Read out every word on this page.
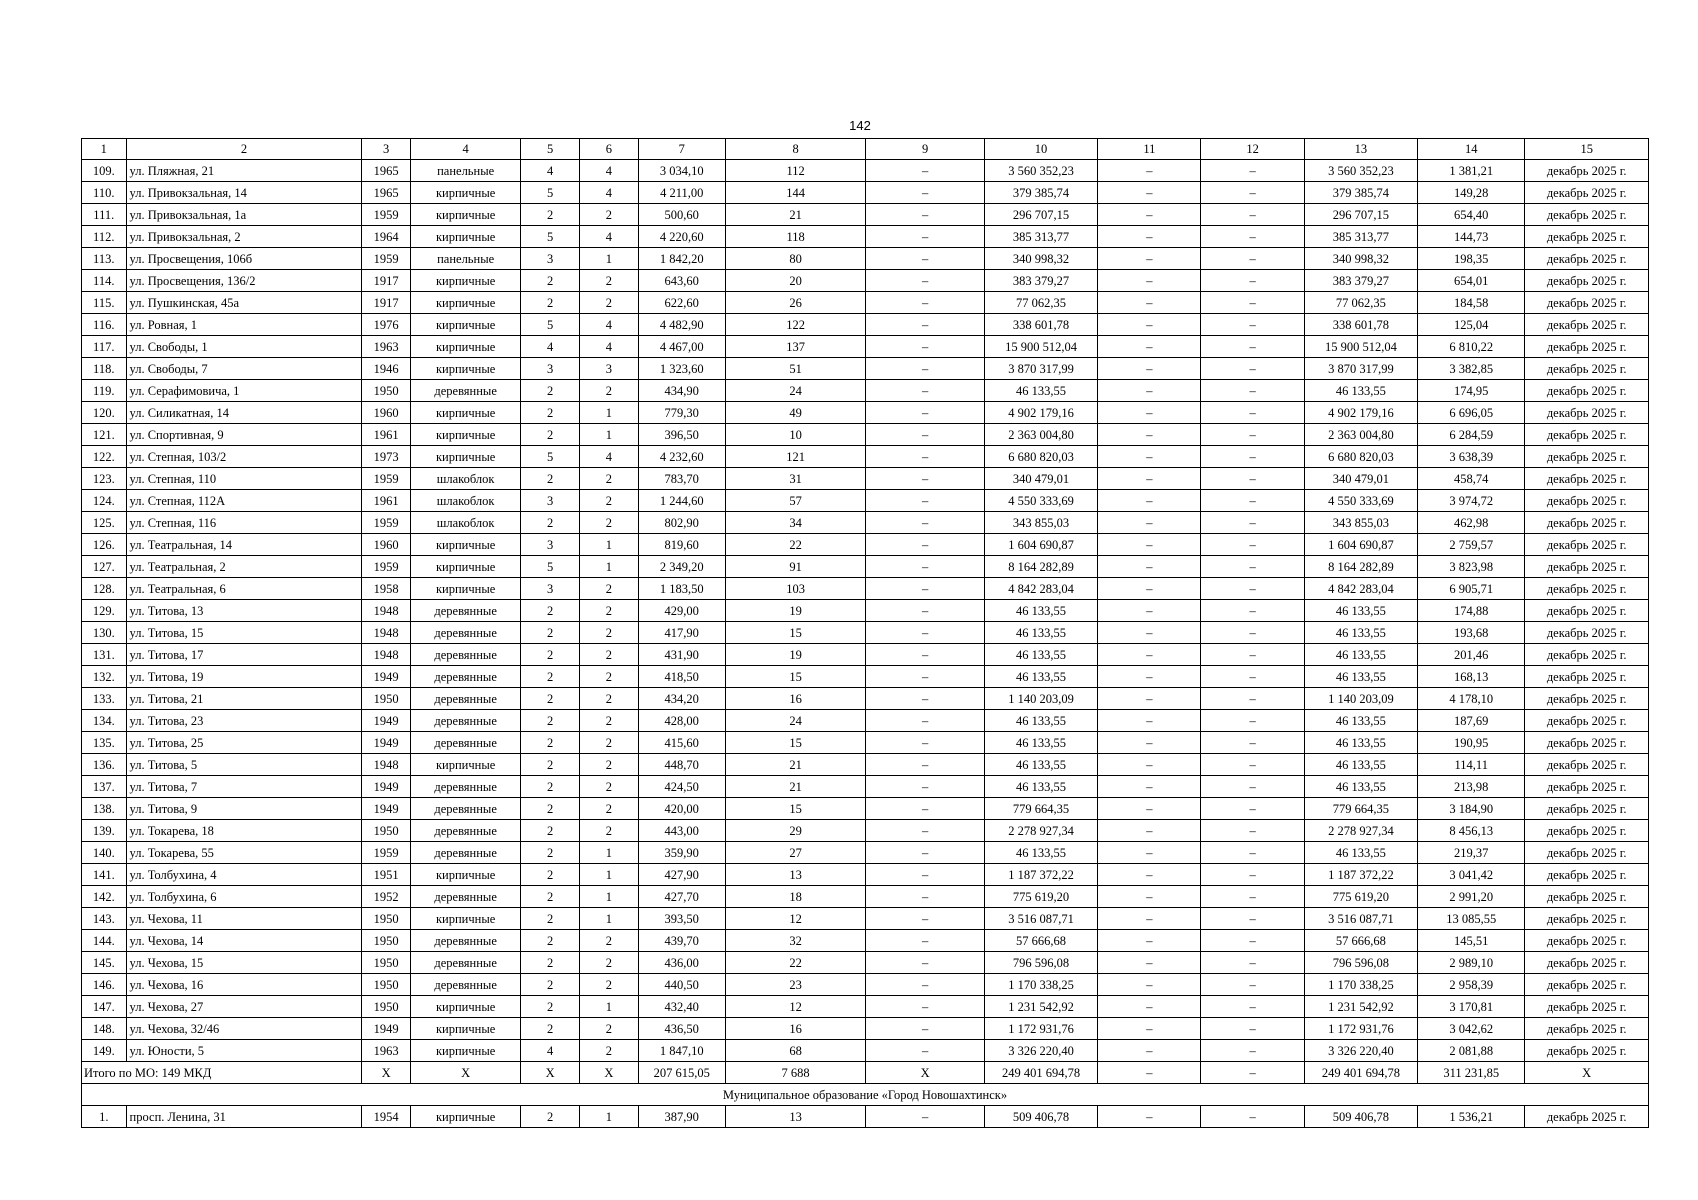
142
1	2	3	4	5	6	7	8	9	10	11	12	13	14	15
109.	ул. Пляжная, 21	1965	панельные	4	4	3 034,10	112	–	3 560 352,23	–	–	3 560 352,23	1 381,21	декабрь 2025 г.
110.	ул. Привокзальная, 14	1965	кирпичные	5	4	4 211,00	144	–	379 385,74	–	–	379 385,74	149,28	декабрь 2025 г.
111.	ул. Привокзальная, 1а	1959	кирпичные	2	2	500,60	21	–	296 707,15	–	–	296 707,15	654,40	декабрь 2025 г.
112.	ул. Привокзальная, 2	1964	кирпичные	5	4	4 220,60	118	–	385 313,77	–	–	385 313,77	144,73	декабрь 2025 г.
113.	ул. Просвещения, 106б	1959	панельные	3	1	1 842,20	80	–	340 998,32	–	–	340 998,32	198,35	декабрь 2025 г.
114.	ул. Просвещения, 136/2	1917	кирпичные	2	2	643,60	20	–	383 379,27	–	–	383 379,27	654,01	декабрь 2025 г.
115.	ул. Пушкинская, 45а	1917	кирпичные	2	2	622,60	26	–	77 062,35	–	–	77 062,35	184,58	декабрь 2025 г.
116.	ул. Ровная, 1	1976	кирпичные	5	4	4 482,90	122	–	338 601,78	–	–	338 601,78	125,04	декабрь 2025 г.
117.	ул. Свободы, 1	1963	кирпичные	4	4	4 467,00	137	–	15 900 512,04	–	–	15 900 512,04	6 810,22	декабрь 2025 г.
118.	ул. Свободы, 7	1946	кирпичные	3	3	1 323,60	51	–	3 870 317,99	–	–	3 870 317,99	3 382,85	декабрь 2025 г.
119.	ул. Серафимовича, 1	1950	деревянные	2	2	434,90	24	–	46 133,55	–	–	46 133,55	174,95	декабрь 2025 г.
120.	ул. Силикатная, 14	1960	кирпичные	2	1	779,30	49	–	4 902 179,16	–	–	4 902 179,16	6 696,05	декабрь 2025 г.
121.	ул. Спортивная, 9	1961	кирпичные	2	1	396,50	10	–	2 363 004,80	–	–	2 363 004,80	6 284,59	декабрь 2025 г.
122.	ул. Степная, 103/2	1973	кирпичные	5	4	4 232,60	121	–	6 680 820,03	–	–	6 680 820,03	3 638,39	декабрь 2025 г.
123.	ул. Степная, 110	1959	шлакоблок	2	2	783,70	31	–	340 479,01	–	–	340 479,01	458,74	декабрь 2025 г.
124.	ул. Степная, 112А	1961	шлакоблок	3	2	1 244,60	57	–	4 550 333,69	–	–	4 550 333,69	3 974,72	декабрь 2025 г.
125.	ул. Степная, 116	1959	шлакоблок	2	2	802,90	34	–	343 855,03	–	–	343 855,03	462,98	декабрь 2025 г.
126.	ул. Театральная, 14	1960	кирпичные	3	1	819,60	22	–	1 604 690,87	–	–	1 604 690,87	2 759,57	декабрь 2025 г.
127.	ул. Театральная, 2	1959	кирпичные	5	1	2 349,20	91	–	8 164 282,89	–	–	8 164 282,89	3 823,98	декабрь 2025 г.
128.	ул. Театральная, 6	1958	кирпичные	3	2	1 183,50	103	–	4 842 283,04	–	–	4 842 283,04	6 905,71	декабрь 2025 г.
129.	ул. Титова, 13	1948	деревянные	2	2	429,00	19	–	46 133,55	–	–	46 133,55	174,88	декабрь 2025 г.
130.	ул. Титова, 15	1948	деревянные	2	2	417,90	15	–	46 133,55	–	–	46 133,55	193,68	декабрь 2025 г.
131.	ул. Титова, 17	1948	деревянные	2	2	431,90	19	–	46 133,55	–	–	46 133,55	201,46	декабрь 2025 г.
132.	ул. Титова, 19	1949	деревянные	2	2	418,50	15	–	46 133,55	–	–	46 133,55	168,13	декабрь 2025 г.
133.	ул. Титова, 21	1950	деревянные	2	2	434,20	16	–	1 140 203,09	–	–	1 140 203,09	4 178,10	декабрь 2025 г.
134.	ул. Титова, 23	1949	деревянные	2	2	428,00	24	–	46 133,55	–	–	46 133,55	187,69	декабрь 2025 г.
135.	ул. Титова, 25	1949	деревянные	2	2	415,60	15	–	46 133,55	–	–	46 133,55	190,95	декабрь 2025 г.
136.	ул. Титова, 5	1948	кирпичные	2	2	448,70	21	–	46 133,55	–	–	46 133,55	114,11	декабрь 2025 г.
137.	ул. Титова, 7	1949	деревянные	2	2	424,50	21	–	46 133,55	–	–	46 133,55	213,98	декабрь 2025 г.
138.	ул. Титова, 9	1949	деревянные	2	2	420,00	15	–	779 664,35	–	–	779 664,35	3 184,90	декабрь 2025 г.
139.	ул. Токарева, 18	1950	деревянные	2	2	443,00	29	–	2 278 927,34	–	–	2 278 927,34	8 456,13	декабрь 2025 г.
140.	ул. Токарева, 55	1959	деревянные	2	1	359,90	27	–	46 133,55	–	–	46 133,55	219,37	декабрь 2025 г.
141.	ул. Толбухина, 4	1951	кирпичные	2	1	427,90	13	–	1 187 372,22	–	–	1 187 372,22	3 041,42	декабрь 2025 г.
142.	ул. Толбухина, 6	1952	деревянные	2	1	427,70	18	–	775 619,20	–	–	775 619,20	2 991,20	декабрь 2025 г.
143.	ул. Чехова, 11	1950	кирпичные	2	1	393,50	12	–	3 516 087,71	–	–	3 516 087,71	13 085,55	декабрь 2025 г.
144.	ул. Чехова, 14	1950	деревянные	2	2	439,70	32	–	57 666,68	–	–	57 666,68	145,51	декабрь 2025 г.
145.	ул. Чехова, 15	1950	деревянные	2	2	436,00	22	–	796 596,08	–	–	796 596,08	2 989,10	декабрь 2025 г.
146.	ул. Чехова, 16	1950	деревянные	2	2	440,50	23	–	1 170 338,25	–	–	1 170 338,25	2 958,39	декабрь 2025 г.
147.	ул. Чехова, 27	1950	кирпичные	2	1	432,40	12	–	1 231 542,92	–	–	1 231 542,92	3 170,81	декабрь 2025 г.
148.	ул. Чехова, 32/46	1949	кирпичные	2	2	436,50	16	–	1 172 931,76	–	–	1 172 931,76	3 042,62	декабрь 2025 г.
149.	ул. Юности, 5	1963	кирпичные	4	2	1 847,10	68	–	3 326 220,40	–	–	3 326 220,40	2 081,88	декабрь 2025 г.
Итого по МО: 149 МКД		Х	Х	Х	Х	207 615,05	7 688	Х	249 401 694,78	–	–	249 401 694,78	311 231,85	Х
Муниципальное образование «Город Новошахтинск»														
1.	просп. Ленина, 31	1954	кирпичные	2	1	387,90	13	–	509 406,78	–	–	509 406,78	1 536,21	декабрь 2025 г.
